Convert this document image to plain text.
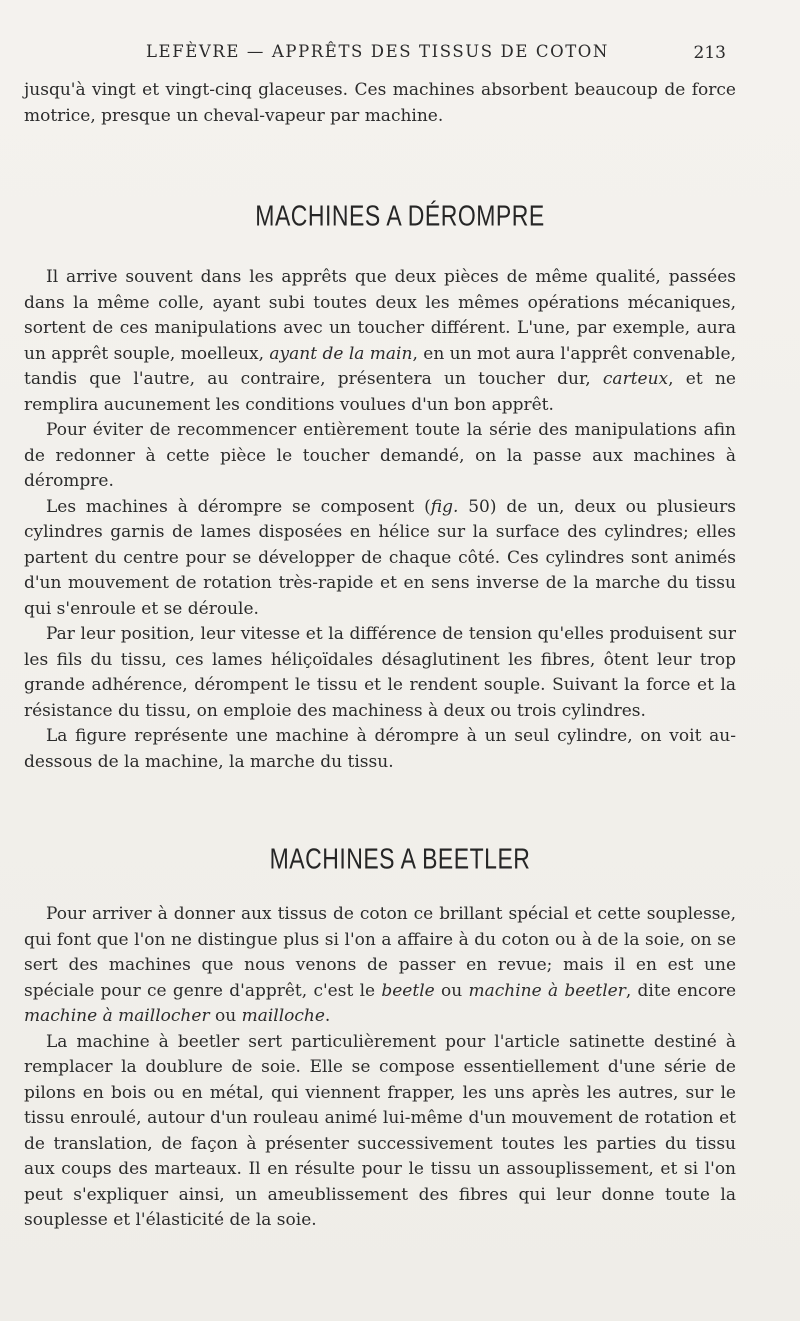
LEFÈVRE — APPRÊTS DES TISSUS DE COTON	213

jusqu'à vingt et vingt-cinq glaceuses. Ces machines absorbent beaucoup de force motrice, presque un cheval-vapeur par machine.

MACHINES A DÉROMPRE

Il arrive souvent dans les apprêts que deux pièces de même qualité, passées dans la même colle, ayant subi toutes deux les mêmes opérations mécaniques, sortent de ces manipulations avec un toucher différent. L'une, par exemple, aura un apprêt souple, moelleux, ayant de la main, en un mot aura l'apprêt convenable, tandis que l'autre, au contraire, présentera un toucher dur, carteux, et ne remplira aucunement les conditions voulues d'un bon apprêt.

Pour éviter de recommencer entièrement toute la série des manipulations afin de redonner à cette pièce le toucher demandé, on la passe aux machines à dérompre.

Les machines à dérompre se composent (fig. 50) de un, deux ou plusieurs cylindres garnis de lames disposées en hélice sur la surface des cylindres; elles partent du centre pour se développer de chaque côté. Ces cylindres sont animés d'un mouvement de rotation très-rapide et en sens inverse de la marche du tissu qui s'enroule et se déroule.

Par leur position, leur vitesse et la différence de tension qu'elles produisent sur les fils du tissu, ces lames héliçoïdales désaglutinent les fibres, ôtent leur trop grande adhérence, dérompent le tissu et le rendent souple. Suivant la force et la résistance du tissu, on emploie des machiness à deux ou trois cylindres.

La figure représente une machine à dérompre à un seul cylindre, on voit au-dessous de la machine, la marche du tissu.

MACHINES A BEETLER

Pour arriver à donner aux tissus de coton ce brillant spécial et cette souplesse, qui font que l'on ne distingue plus si l'on a affaire à du coton ou à de la soie, on se sert des machines que nous venons de passer en revue; mais il en est une spéciale pour ce genre d'apprêt, c'est le beetle ou machine à beetler, dite encore machine à maillocher ou mailloche.

La machine à beetler sert particulièrement pour l'article satinette destiné à remplacer la doublure de soie. Elle se compose essentiellement d'une série de pilons en bois ou en métal, qui viennent frapper, les uns après les autres, sur le tissu enroulé, autour d'un rouleau animé lui-même d'un mouvement de rotation et de translation, de façon à présenter successivement toutes les parties du tissu aux coups des marteaux. Il en résulte pour le tissu un assouplissement, et si l'on peut s'expliquer ainsi, un ameublissement des fibres qui leur donne toute la souplesse et l'élasticité de la soie.
